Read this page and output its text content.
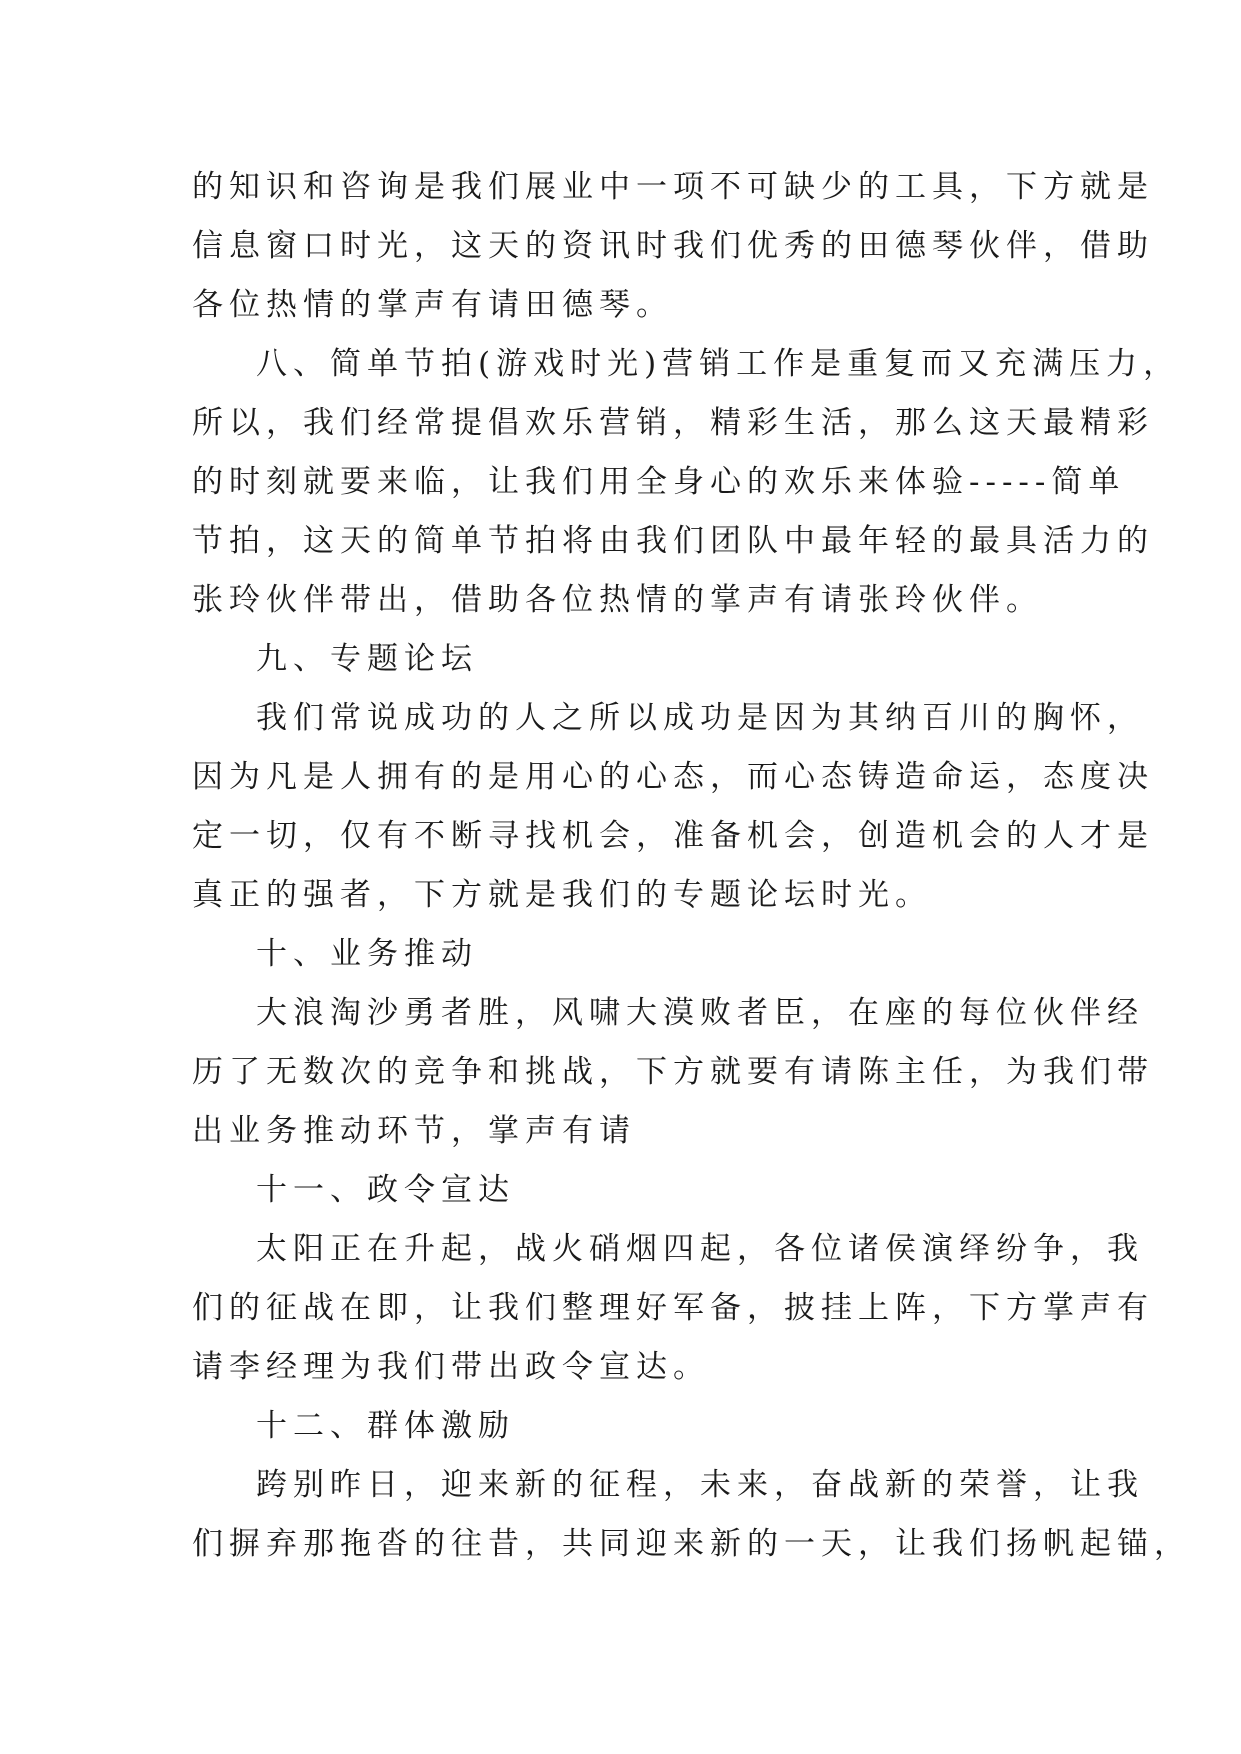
的知识和咨询是我们展业中一项不可缺少的工具，下方就是
信息窗口时光，这天的资讯时我们优秀的田德琴伙伴，借助
各位热情的掌声有请田德琴。
八、简单节拍(游戏时光)营销工作是重复而又充满压力，
所以，我们经常提倡欢乐营销，精彩生活，那么这天最精彩
的时刻就要来临，让我们用全身心的欢乐来体验-----简单
节拍，这天的简单节拍将由我们团队中最年轻的最具活力的
张玲伙伴带出，借助各位热情的掌声有请张玲伙伴。
九、专题论坛
我们常说成功的人之所以成功是因为其纳百川的胸怀，
因为凡是人拥有的是用心的心态，而心态铸造命运，态度决
定一切，仅有不断寻找机会，准备机会，创造机会的人才是
真正的强者，下方就是我们的专题论坛时光。
十、业务推动
大浪淘沙勇者胜，风啸大漠败者臣，在座的每位伙伴经
历了无数次的竞争和挑战，下方就要有请陈主任，为我们带
出业务推动环节，掌声有请
十一、政令宣达
太阳正在升起，战火硝烟四起，各位诸侯演绎纷争，我
们的征战在即，让我们整理好军备，披挂上阵，下方掌声有
请李经理为我们带出政令宣达。
十二、群体激励
跨别昨日，迎来新的征程，未来，奋战新的荣誉，让我
们摒弃那拖沓的往昔，共同迎来新的一天，让我们扬帆起锚，
